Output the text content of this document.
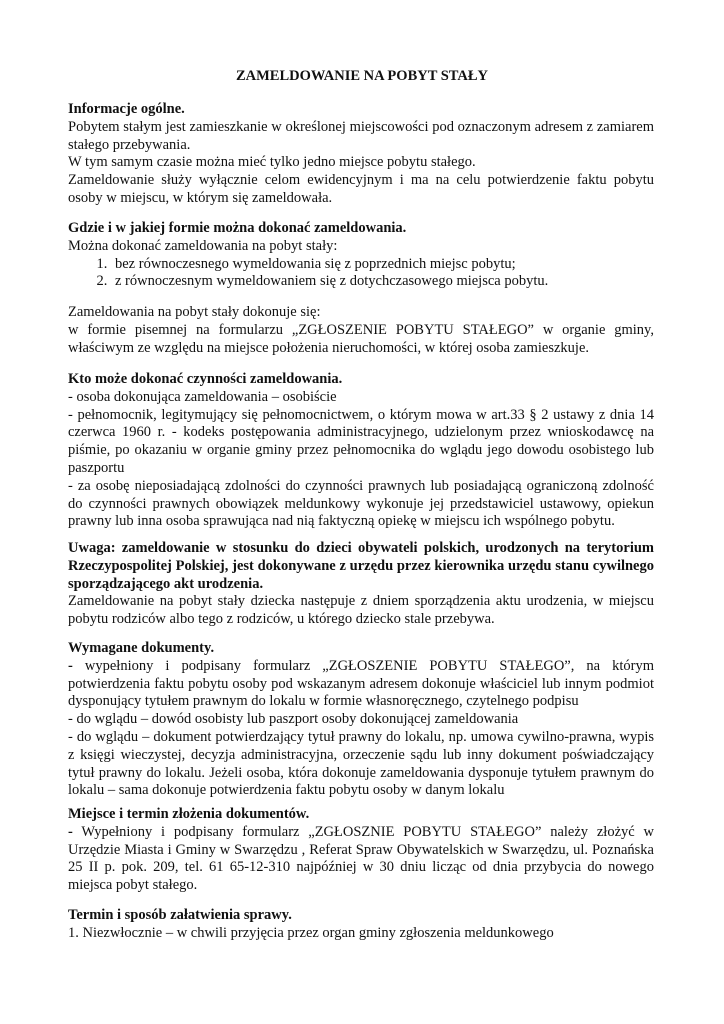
ZAMELDOWANIE NA POBYT STAŁY

Informacje ogólne.

Pobytem stałym jest zamieszkanie w określonej miejscowości pod oznaczonym adresem z zamiarem stałego przebywania.

W tym samym czasie można mieć tylko jedno miejsce pobytu stałego.

Zameldowanie służy wyłącznie celom ewidencyjnym i ma na celu potwierdzenie faktu pobytu osoby w miejscu, w którym się zameldowała.

Gdzie i w jakiej formie można dokonać zameldowania.

Można dokonać zameldowania na pobyt stały:

1. bez równoczesnego wymeldowania się z poprzednich miejsc pobytu;
2. z równoczesnym wymeldowaniem się z dotychczasowego miejsca pobytu.

Zameldowania na pobyt stały dokonuje się:

w formie pisemnej na formularzu „ZGŁOSZENIE POBYTU STAŁEGO” w organie gminy, właściwym ze względu na miejsce położenia nieruchomości, w której osoba zamieszkuje.

Kto może dokonać czynności zameldowania.

- osoba dokonująca zameldowania – osobiście

- pełnomocnik, legitymujący się pełnomocnictwem, o którym mowa w art.33 § 2 ustawy z dnia 14 czerwca 1960 r. - kodeks postępowania administracyjnego, udzielonym przez wnioskodawcę na piśmie, po okazaniu w organie gminy przez pełnomocnika do wglądu jego dowodu osobistego lub paszportu

- za osobę nieposiadającą zdolności do czynności prawnych lub posiadającą ograniczoną zdolność do czynności prawnych obowiązek meldunkowy wykonuje jej przedstawiciel ustawowy, opiekun prawny lub inna osoba sprawująca nad nią faktyczną opiekę w miejscu ich wspólnego pobytu.

Uwaga: zameldowanie w stosunku do dzieci obywateli polskich, urodzonych na terytorium Rzeczypospolitej Polskiej, jest dokonywane z urzędu przez kierownika urzędu stanu cywilnego sporządzającego akt urodzenia.

Zameldowanie na pobyt stały dziecka następuje z dniem sporządzenia aktu urodzenia, w miejscu pobytu rodziców albo tego z rodziców, u którego dziecko stale przebywa.

Wymagane dokumenty.

- wypełniony i podpisany formularz „ZGŁOSZENIE POBYTU STAŁEGO”, na którym potwierdzenia faktu pobytu osoby pod wskazanym adresem dokonuje właściciel lub innym podmiot dysponujący tytułem prawnym do lokalu w formie własnoręcznego, czytelnego podpisu

- do wglądu – dowód osobisty lub paszport osoby dokonującej zameldowania

- do wglądu – dokument potwierdzający tytuł prawny do lokalu, np. umowa cywilno-prawna, wypis z księgi wieczystej, decyzja administracyjna, orzeczenie sądu lub inny dokument poświadczający tytuł prawny do lokalu. Jeżeli osoba, która dokonuje zameldowania dysponuje tytułem prawnym do lokalu – sama dokonuje potwierdzenia faktu pobytu osoby w danym lokalu

Miejsce i termin złożenia dokumentów.

- Wypełniony i podpisany formularz „ZGŁOSZNIE POBYTU STAŁEGO” należy złożyć w Urzędzie Miasta i Gminy w Swarzędzu , Referat Spraw Obywatelskich w Swarzędzu, ul. Poznańska 25 II p. pok. 209, tel. 61 65-12-310 najpóźniej w 30 dniu licząc od dnia przybycia do nowego miejsca pobyt stałego.

Termin i sposób załatwienia sprawy.

1. Niezwłocznie – w chwili przyjęcia przez organ gminy zgłoszenia meldunkowego
